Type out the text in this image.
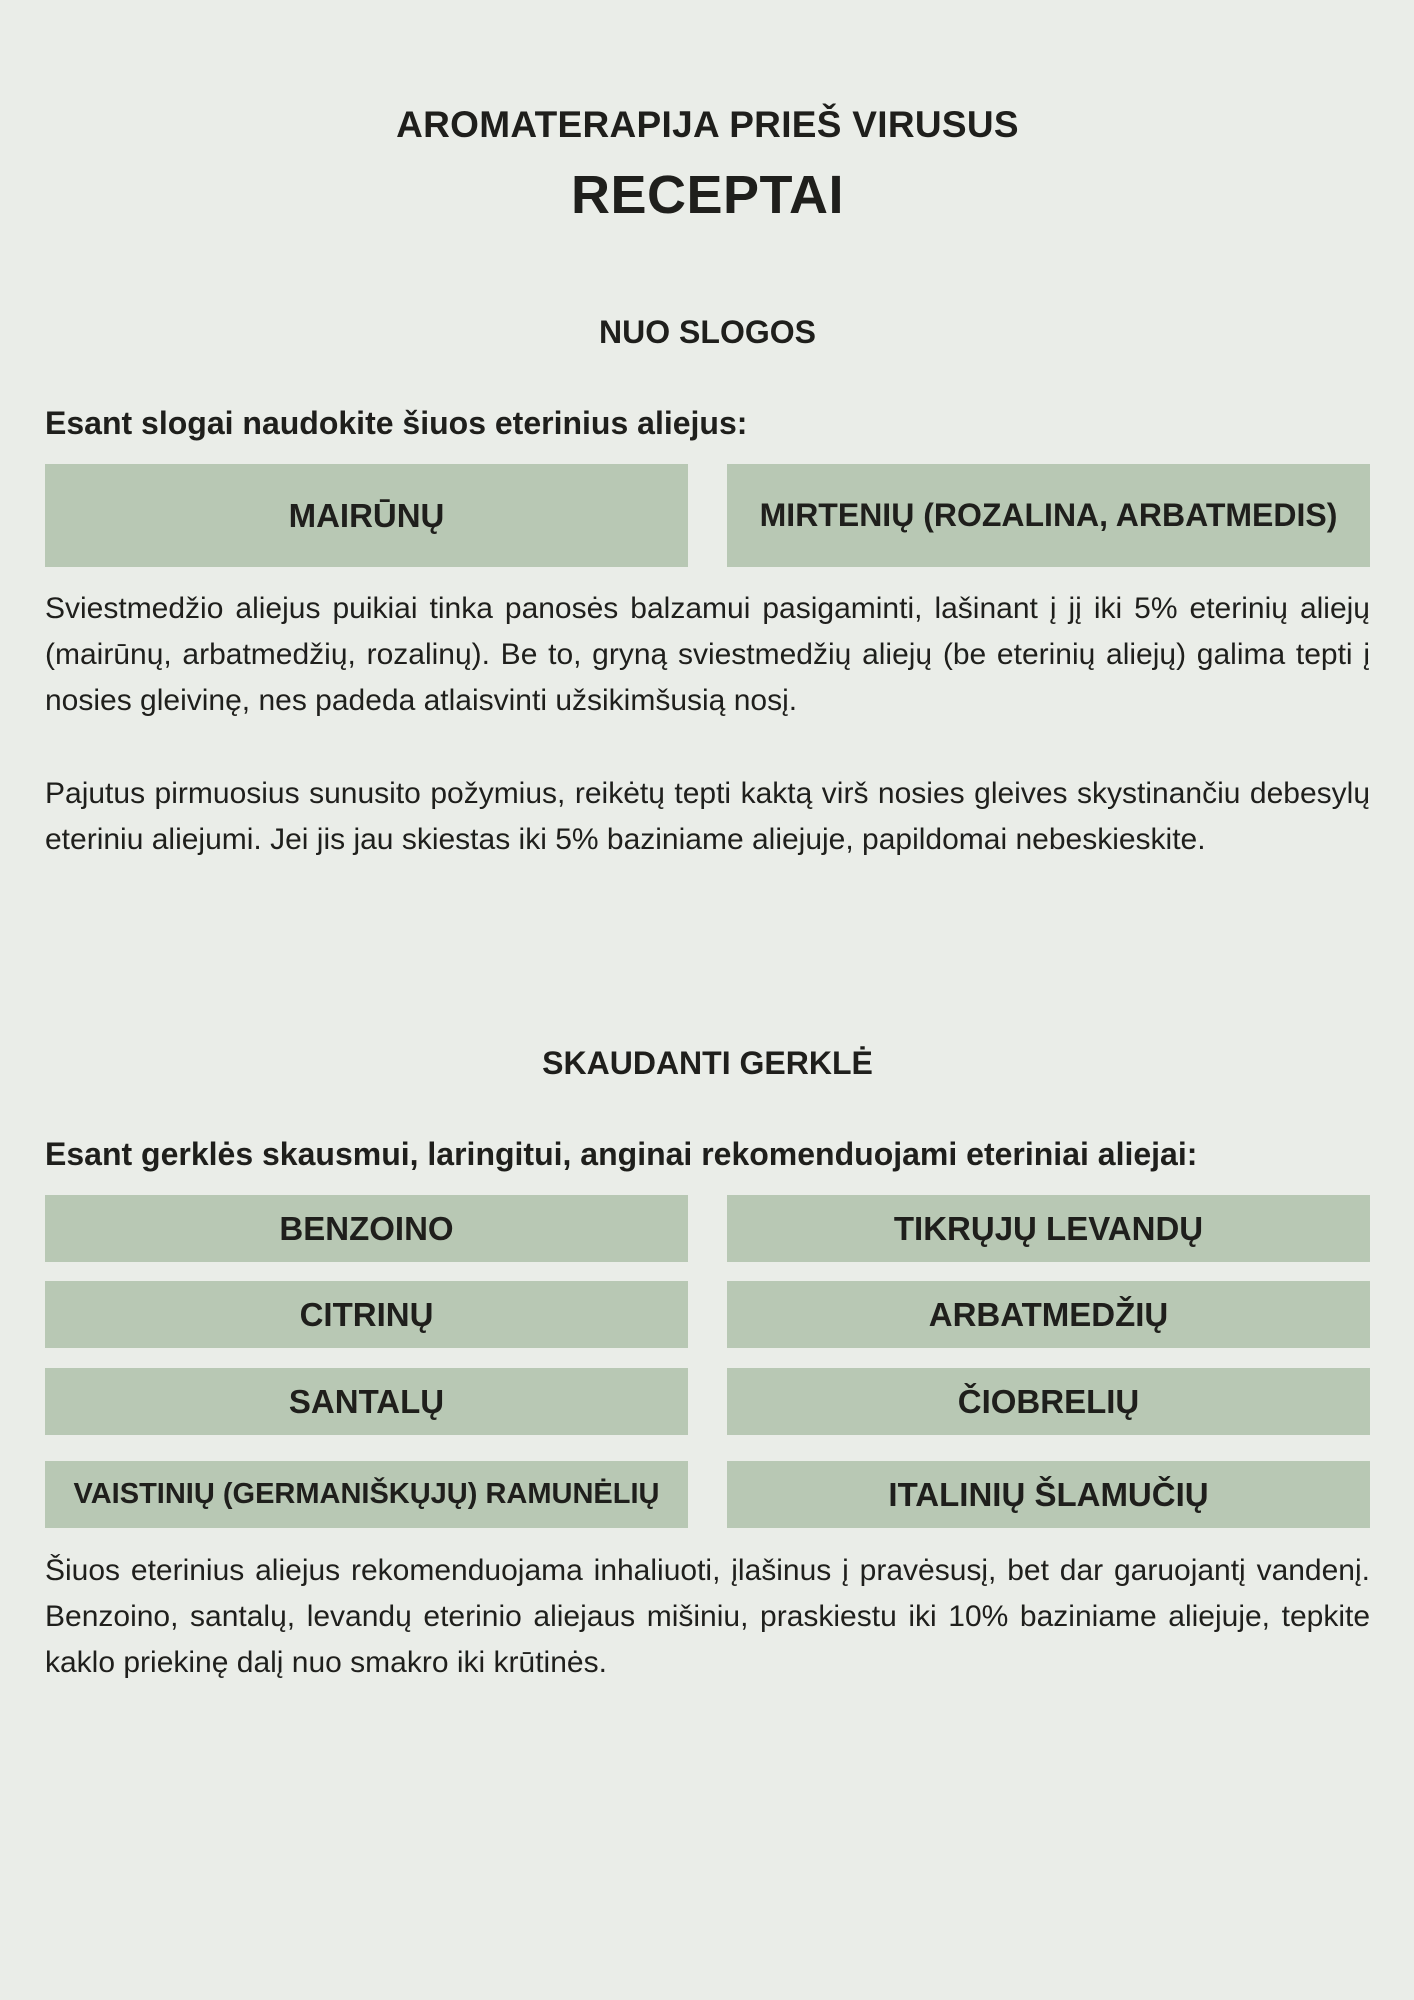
AROMATERAPIJA PRIEŠ VIRUSUS
RECEPTAI
NUO SLOGOS
Esant slogai naudokite šiuos eterinius aliejus:
MAIRŪNŲ	MIRTENIŲ (ROZALINA, ARBATMEDIS)
Sviestmedžio aliejus puikiai tinka panosės balzamui pasigaminti, lašinant į jį iki 5% eterinių aliejų (mairūnų, arbatmedžių, rozalinų). Be to, gryną sviestmedžių aliejų (be eterinių aliejų) galima tepti į nosies gleivinę, nes padeda atlaisvinti užsikimšusią nosį.
Pajutus pirmuosius sunusito požymius, reikėtų tepti kaktą virš nosies gleives skystinančiu debesylų eteriniu aliejumi. Jei jis jau skiestas iki 5% baziniame aliejuje, papildomai nebeskieskite.
SKAUDANTI GERKLĖ
Esant gerklės skausmui, laringitui, anginai rekomenduojami eteriniai aliejai:
BENZOINO	TIKRŲJŲ LEVANDŲ
CITRINŲ	ARBATMEDŽIŲ
SANTALŲ	ČIOBRELIŲ
VAISTINIŲ (GERMANIŠKŲJŲ) RAMUNĖLIŲ	ITALINIŲ ŠLAMUČIŲ
Šiuos eterinius aliejus rekomenduojama inhaliuoti, įlašinus į pravėsusį, bet dar garuojantį vandenį. Benzoino, santalų, levandų eterinio aliejaus mišiniu, praskiestu iki 10% baziniame aliejuje, tepkite kaklo priekinę dalį nuo smakro iki krūtinės.
